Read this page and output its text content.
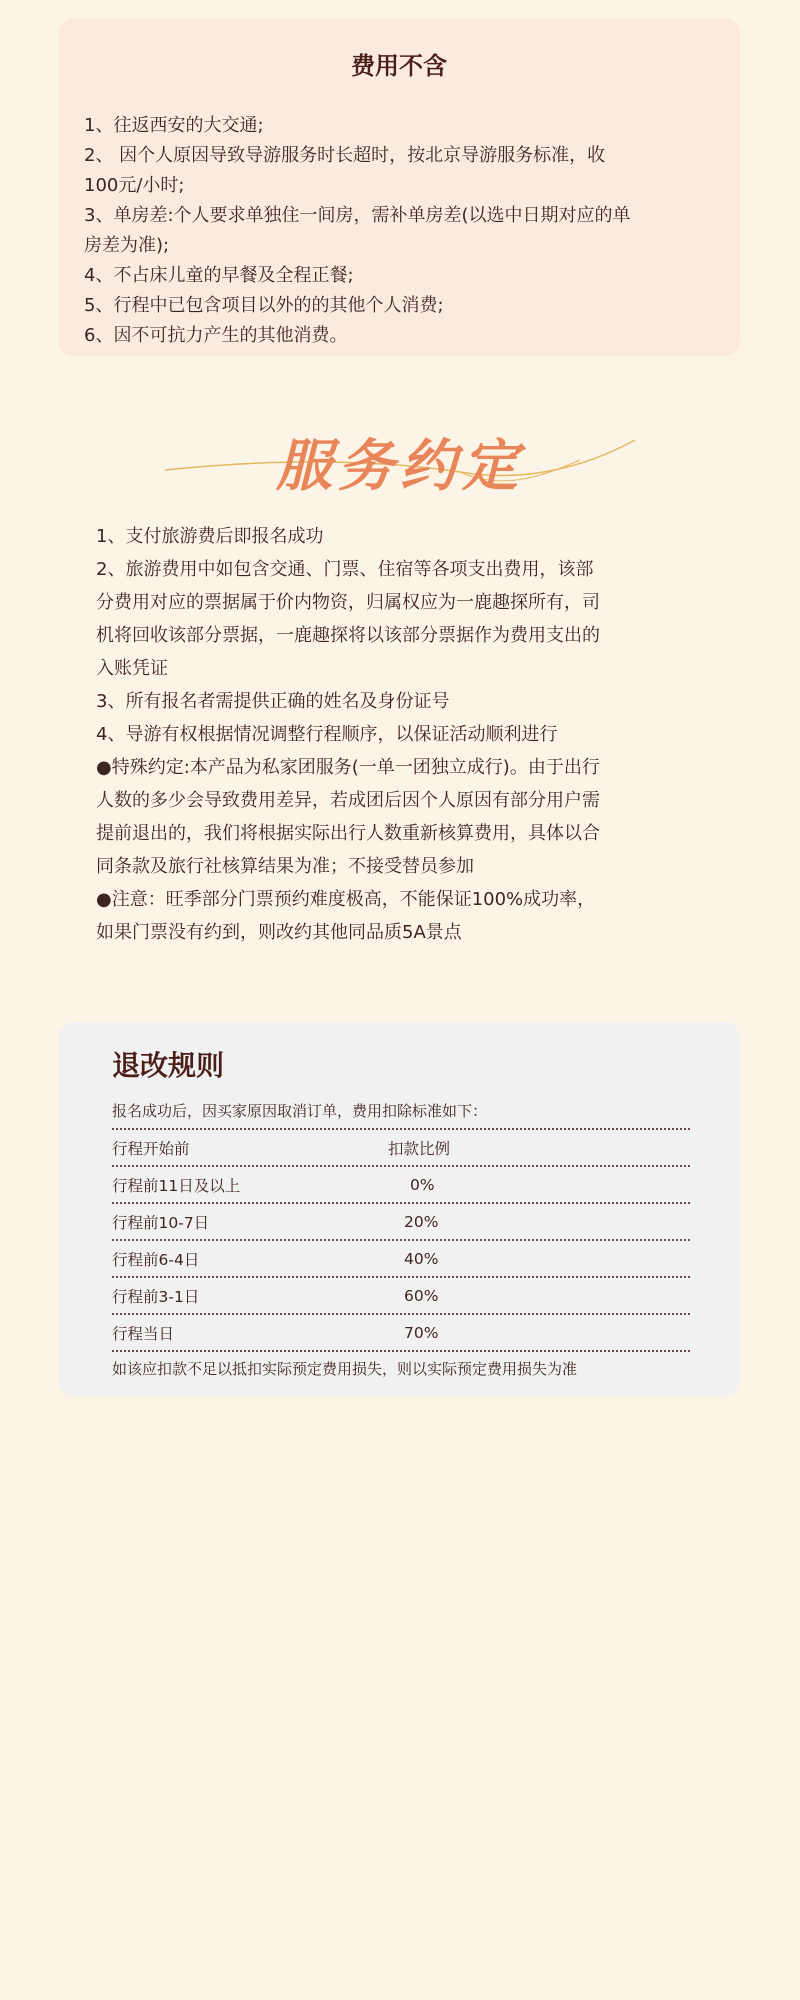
费用不含
1、往返西安的大交通;
2、 因个人原因导致导游服务时长超时，按北京导游服务标准，收
100元/小时;
3、单房差:个人要求单独住一间房，需补单房差(以选中日期对应的单
房差为准);
4、不占床儿童的早餐及全程正餐;
5、行程中已包含项目以外的的其他个人消费;
6、因不可抗力产生的其他消费。
服务约定
1、支付旅游费后即报名成功
2、旅游费用中如包含交通、门票、住宿等各项支出费用，该部
分费用对应的票据属于价内物资，归属权应为一鹿趣探所有，司
机将回收该部分票据，一鹿趣探将以该部分票据作为费用支出的
入账凭证
3、所有报名者需提供正确的姓名及身份证号
4、导游有权根据情况调整行程顺序，以保证活动顺利进行
●特殊约定:本产品为私家团服务(一单一团独立成行)。由于出行
人数的多少会导致费用差异，若成团后因个人原因有部分用户需
提前退出的，我们将根据实际出行人数重新核算费用，具体以合
同条款及旅行社核算结果为准；不接受替员参加
●注意：旺季部分门票预约难度极高，不能保证100%成功率，
如果门票没有约到，则改约其他同品质5A景点
退改规则
报名成功后，因买家原因取消订单，费用扣除标准如下：
行程开始前	扣款比例
行程前11日及以上	0%
行程前10-7日	20%
行程前6-4日	40%
行程前3-1日	60%
行程当日	70%
如该应扣款不足以抵扣实际预定费用损失，则以实际预定费用损失为准
